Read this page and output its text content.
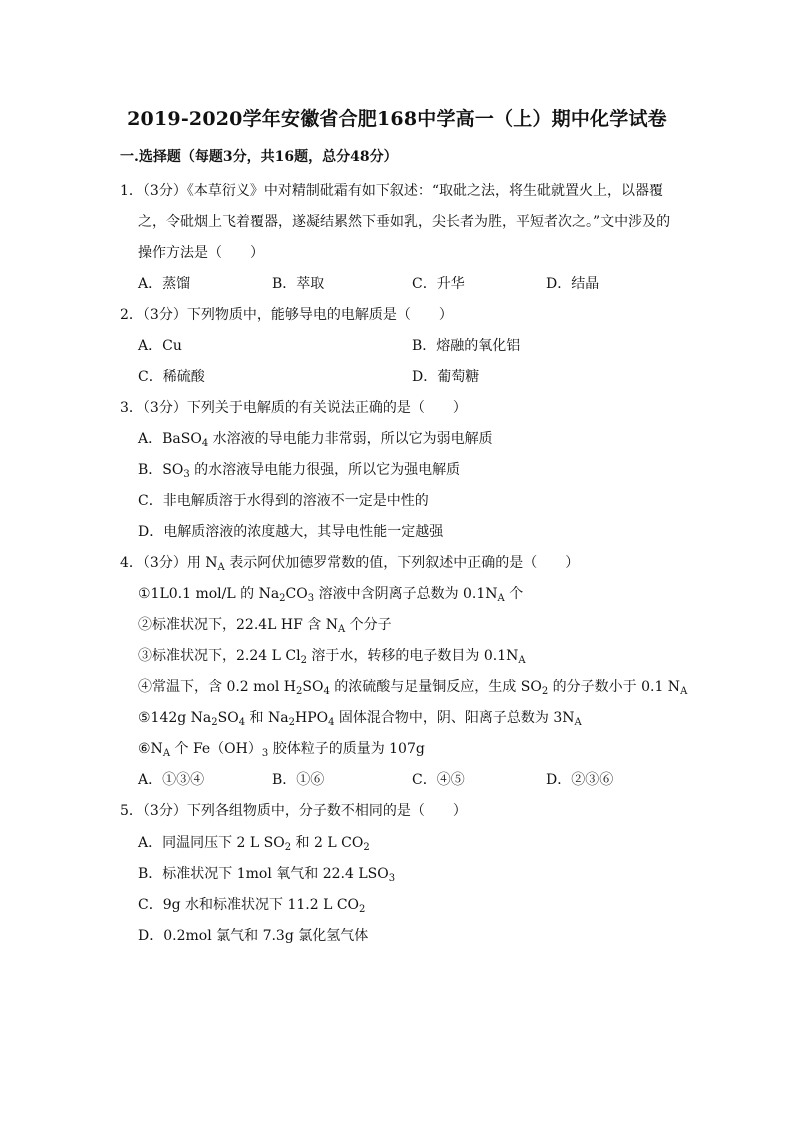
2019-2020学年安徽省合肥168中学高一（上）期中化学试卷
一.选择题（每题3分，共16题，总分48分）
1．（3分）《本草衍义》中对精制砒霜有如下叙述：“取砒之法，将生砒就置火上，以器覆
之，令砒烟上飞着覆器，遂凝结累然下垂如乳，尖长者为胜，平短者次之。”文中涉及的
操作方法是（　　）
A．蒸馏	B．萃取	C．升华	D．结晶
2．（3分）下列物质中，能够导电的电解质是（　　）
A．Cu	B．熔融的氧化铝
C．稀硫酸	D．葡萄糖
3．（3分）下列关于电解质的有关说法正确的是（　　）
A．BaSO$_4$ 水溶液的导电能力非常弱，所以它为弱电解质
B．$SO_3$ 的水溶液导电能力很强，所以它为强电解质
C．非电解质溶于水得到的溶液不一定是中性的
D．电解质溶液的浓度越大，其导电性能一定越强
4．（3分）用 $N_A$ 表示阿伏加德罗常数的值，下列叙述中正确的是（　　）
①1L0.1 mol/L 的 $Na_2CO_3$ 溶液中含阴离子总数为 $0.1N_A$ 个
②标准状况下，22.4L HF 含 $N_A$ 个分子
③标准状况下，2.24 L $Cl_2$ 溶于水，转移的电子数目为 $0.1N_A$
④常温下，含 0.2 mol $H_2SO_4$ 的浓硫酸与足量铜反应，生成 $SO_2$ 的分子数小于 0.1 $N_A$
⑤142g $Na_2SO_4$ 和 $Na_2HPO_4$ 固体混合物中，阴、阳离子总数为 $3N_A$
$⑥N_A$ 个 $Fe(OH)_3$ 胶体粒子的质量为 107g
A．①③④	B．①⑥	C．④⑤	D．②③⑥
5．（3分）下列各组物质中，分子数不相同的是（　　）
A．同温同压下 2 L $SO_2$ 和 2 L $CO_2$
B．标准状况下 1mol 氧气和 22.4 $LSO_3$
C．9g 水和标准状况下 11.2 L $CO_2$
D．0.2mol 氯气和 7.3g 氯化氢气体
